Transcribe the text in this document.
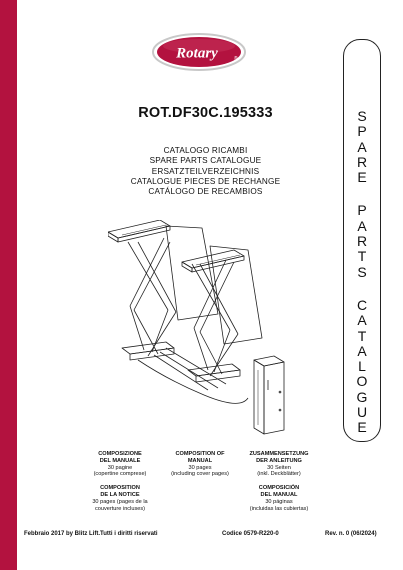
Rotary	®
ROT.DF30C.195333
CATALOGO RICAMBI
SPARE PARTS CATALOGUE
ERSATZTEILVERZEICHNIS
CATALOGUE PIECES DE RECHANGE
CATÁLOGO DE RECAMBIOS
S
P
A
R
E
P
A
R
T
S
C
A
T
A
L
O
G
U
E
COMPOSIZIONE
DEL MANUALE
30 pagine
(copertine comprese)
COMPOSITION
DE LA NOTICE
30 pages (pages de la
couverture incluses)
COMPOSITION OF
MANUAL
30 pages
(including cover pages)
ZUSAMMENSETZUNG
DER ANLEITUNG
30 Seiten
(inkl. Deckblätter)
COMPOSICIÓN
DEL MANUAL
30 páginas
(incluidas las cubiertas)
Febbraio 2017 by Blitz Lift.Tutti i diritti riservati	Codice 0579-R220-0	Rev. n. 0 (06/2024)
